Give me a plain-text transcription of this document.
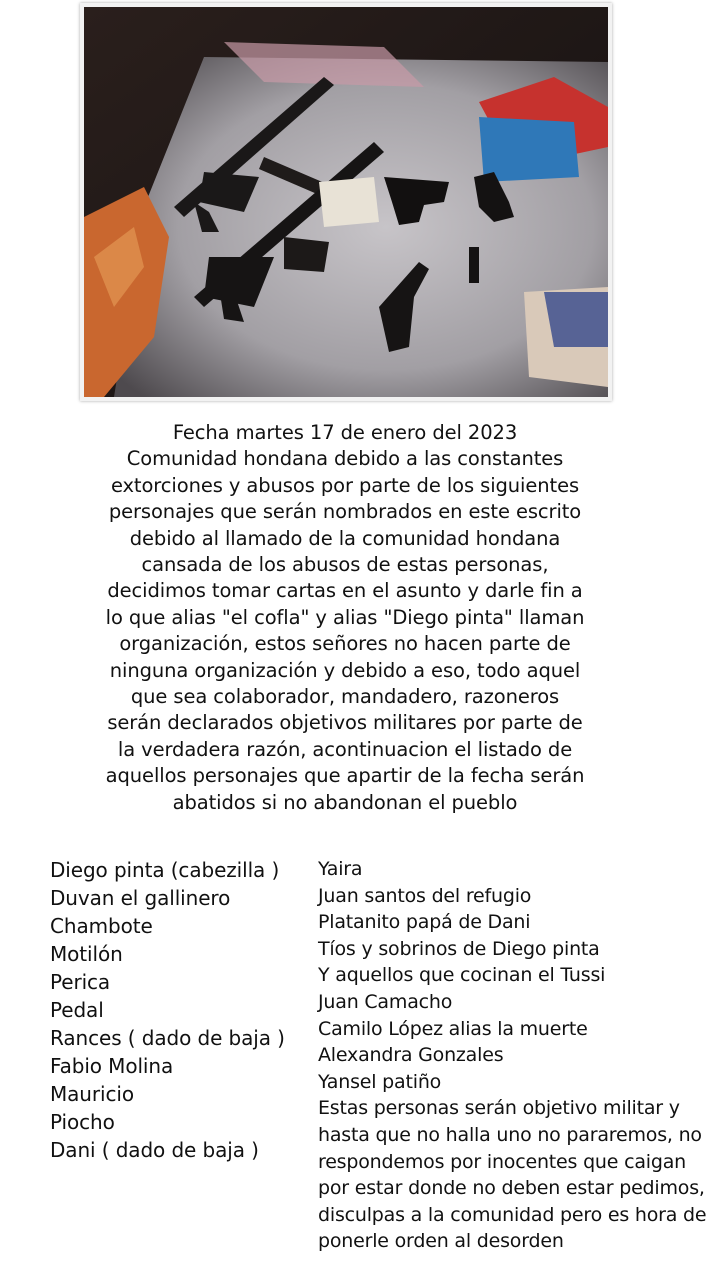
Fecha martes 17 de enero del 2023
Comunidad hondana debido a las constantes
extorciones y abusos por parte de los siguientes
personajes que serán nombrados en este escrito
debido al llamado de la comunidad hondana
cansada de los abusos de estas personas,
decidimos tomar cartas en el asunto y darle fin a
lo que alias "el cofla" y alias "Diego pinta" llaman
organización, estos señores no hacen parte de
ninguna organización y debido a eso, todo aquel
que sea colaborador, mandadero, razoneros
serán declarados objetivos militares por parte de
la verdadera razón, acontinuacion el listado de
aquellos personajes que apartir de la fecha serán
abatidos si no abandonan el pueblo
Diego pinta (cabezilla )
Duvan el gallinero
Chambote
Motilón
Perica
Pedal
Rances ( dado de baja )
Fabio Molina
Mauricio
Piocho
Dani ( dado de baja )
Yaira
Juan santos del refugio
Platanito papá de Dani
Tíos y sobrinos de Diego pinta
Y aquellos que cocinan el Tussi
Juan Camacho
Camilo López alias la muerte
Alexandra Gonzales
Yansel patiño
Estas personas serán objetivo militar y
hasta que no halla uno no pararemos, no
respondemos por inocentes que caigan
por estar donde no deben estar pedimos,
disculpas a la comunidad pero es hora de
ponerle orden al desorden
